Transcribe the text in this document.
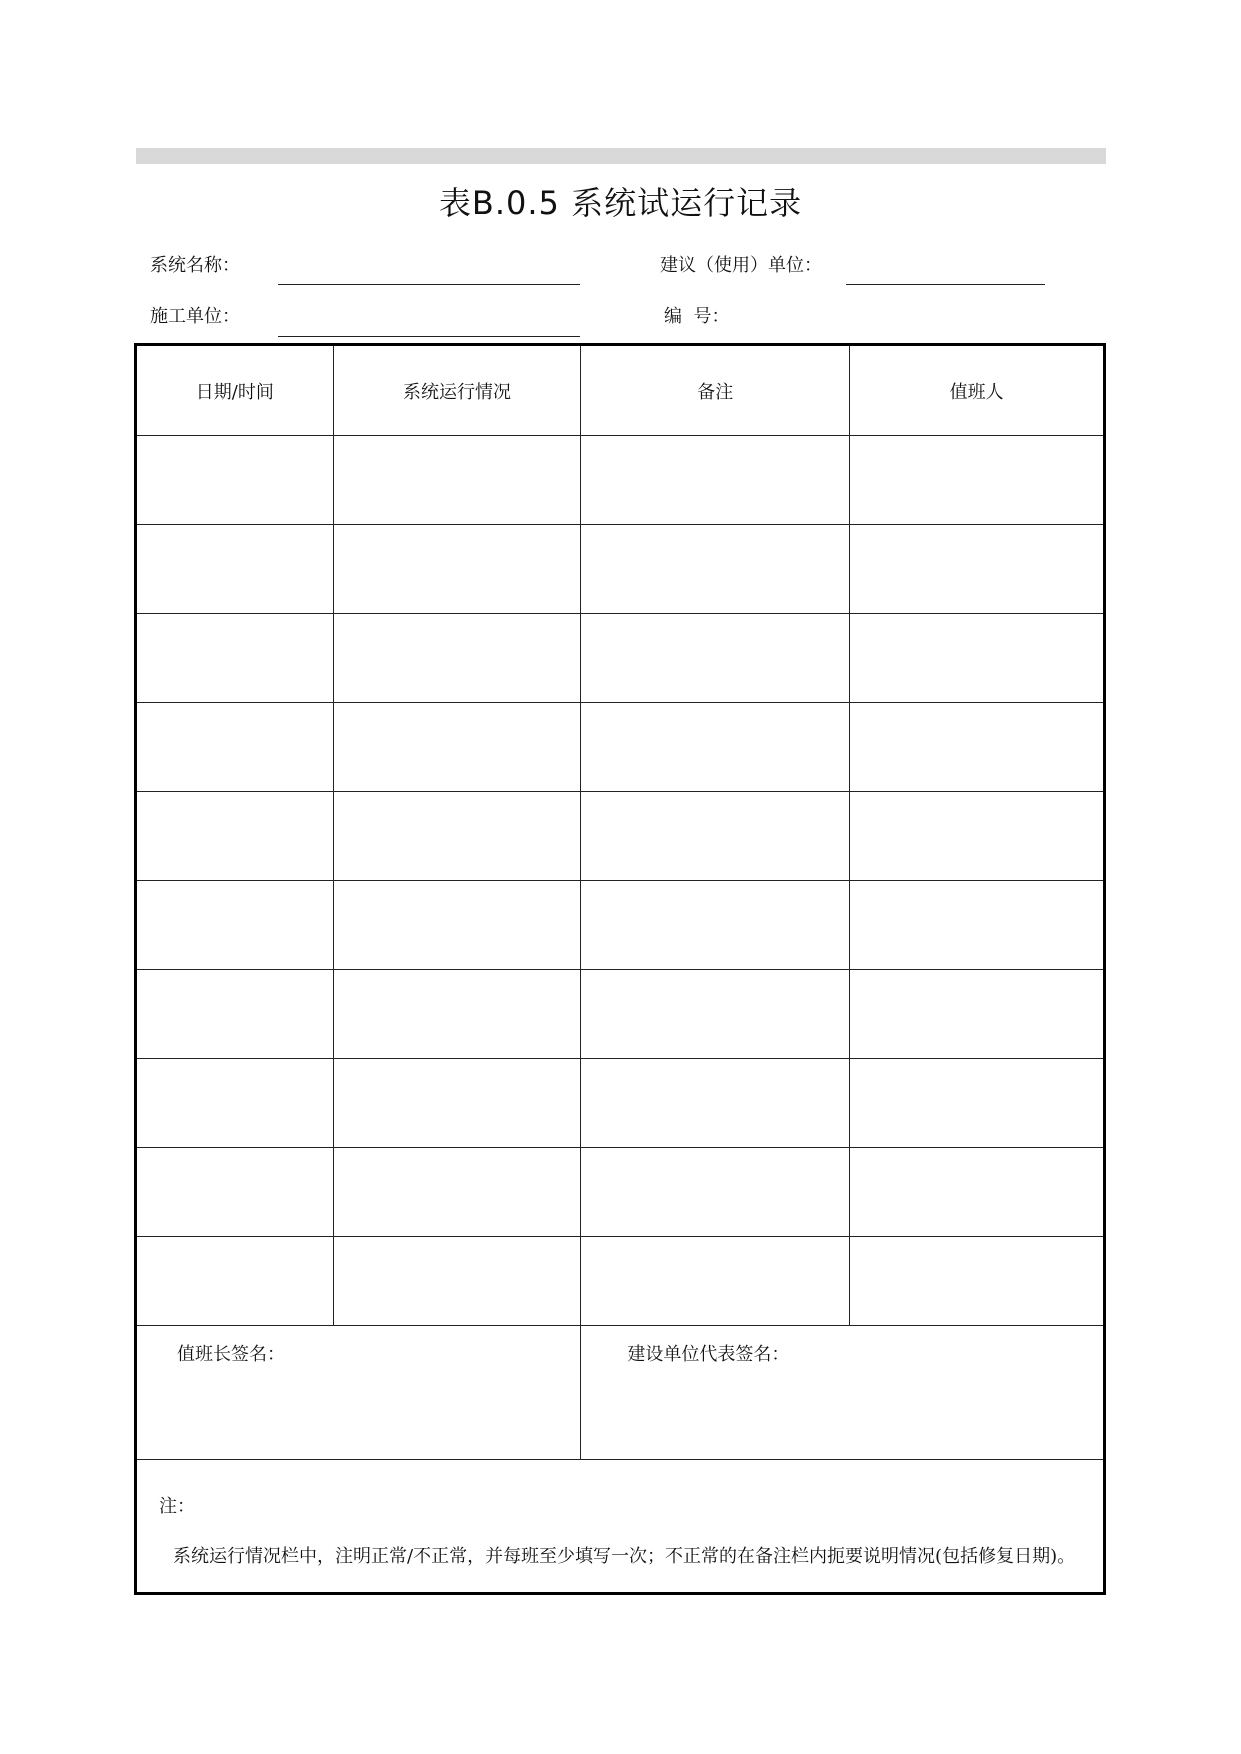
表B.0.5 系统试运行记录
系统名称：	建议（使用）单位：
施工单位：	编  号：
日期/时间	系统运行情况	备注	值班人

值班长签名：		建设单位代表签名：	

注：
系统运行情况栏中，注明正常/不正常，并每班至少填写一次；不正常的在备注栏内扼要说明情况(包括修复日期)。			
